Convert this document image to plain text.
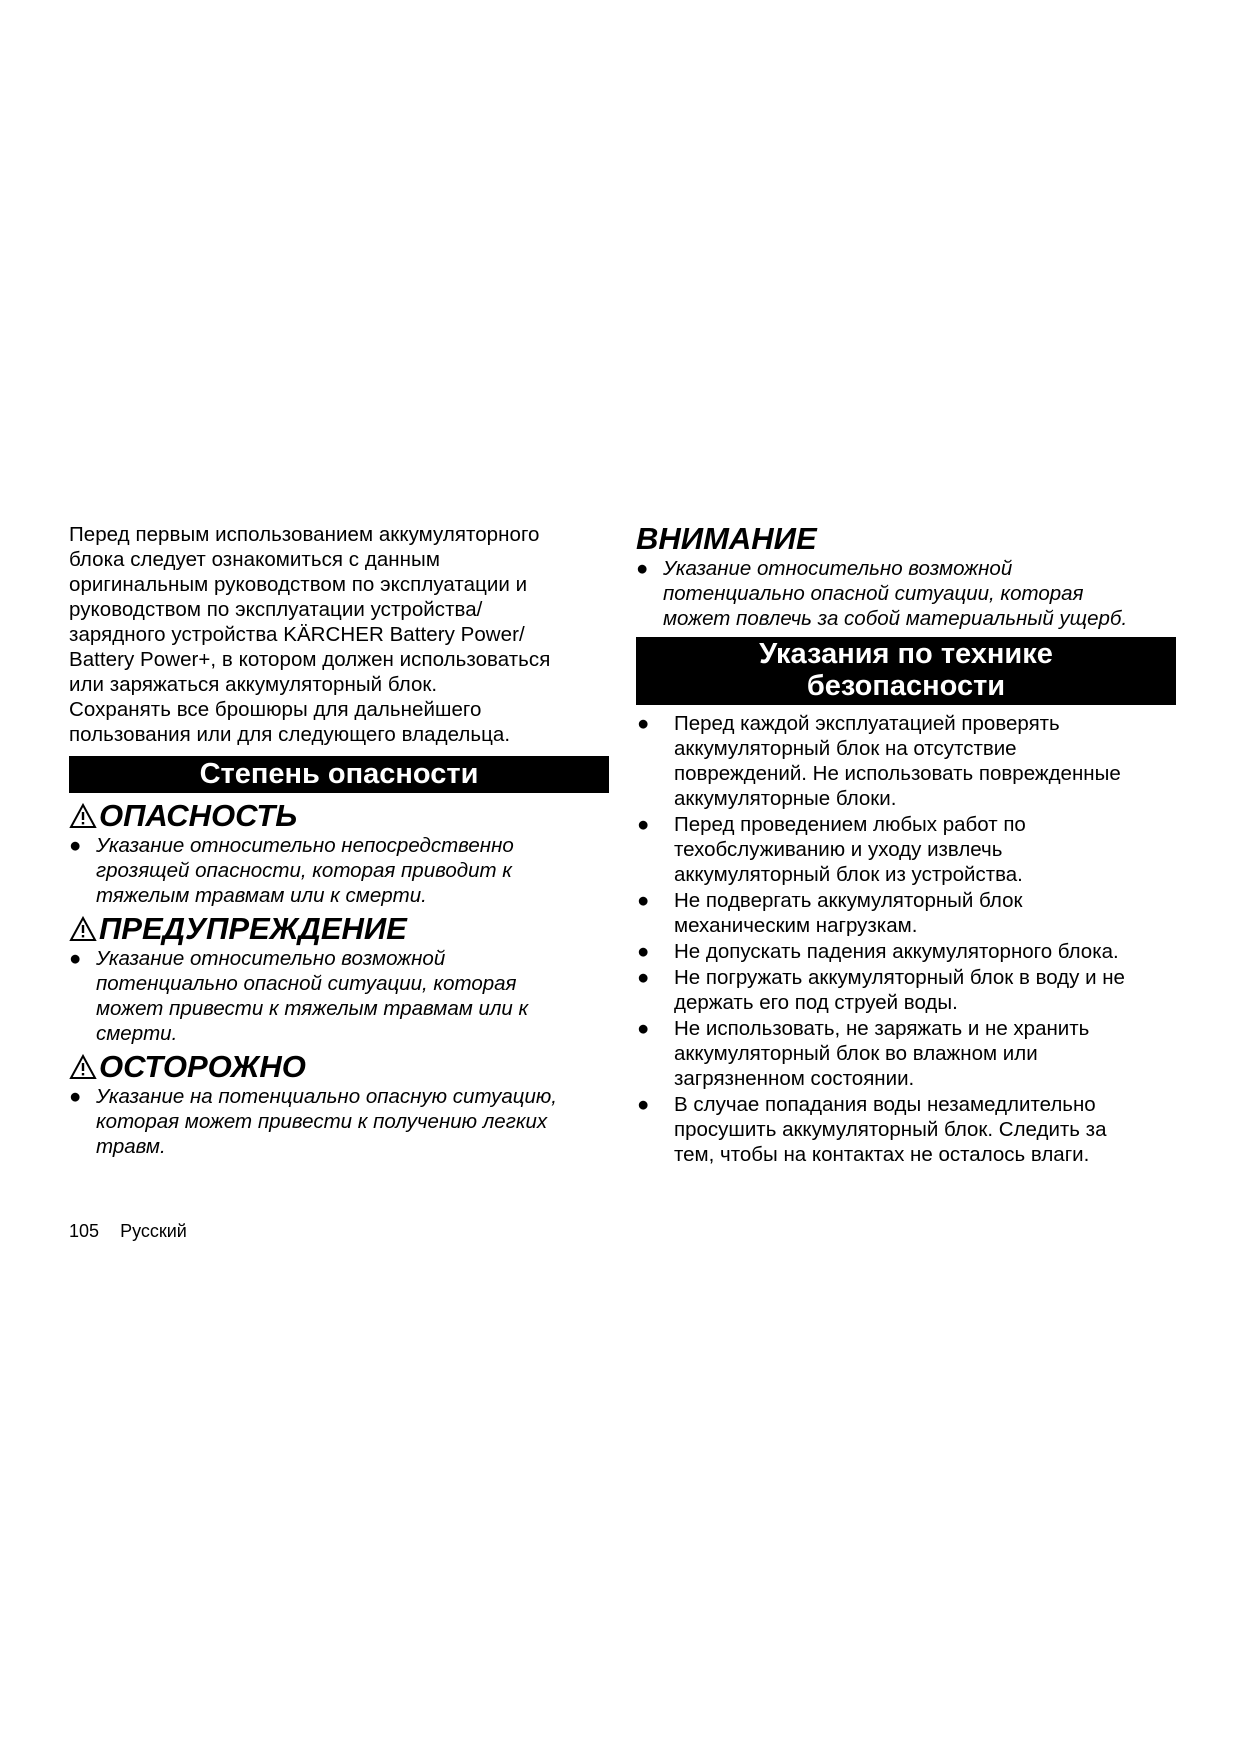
Перед первым использованием аккумуляторного
блока следует ознакомиться с данным
оригинальным руководством по эксплуатации и
руководством по эксплуатации устройства/
зарядного устройства KÄRCHER Battery Power/
Battery Power+, в котором должен использоваться
или заряжаться аккумуляторный блок.
Сохранять все брошюры для дальнейшего
пользования или для следующего владельца.

Степень опасности
ОПАСНОСТЬ

● Указание относительно непосредственно
грозящей опасности, которая приводит к
тяжелым травмам или к смерти.

ПРЕДУПРЕЖДЕНИЕ

● Указание относительно возможной
потенциально опасной ситуации, которая
может привести к тяжелым травмам или к
смерти.

ОСТОРОЖНО

● Указание на потенциально опасную ситуацию,
которая может привести к получению легких
травм.

ВНИМАНИЕ

● Указание относительно возможной
потенциально опасной ситуации, которая
может повлечь за собой материальный ущерб.

Указания по технике
безопасности
● Перед каждой эксплуатацией проверять
аккумуляторный блок на отсутствие
повреждений. Не использовать поврежденные
аккумуляторные блоки.
● Перед проведением любых работ по
техобслуживанию и уходу извлечь
аккумуляторный блок из устройства.
● Не подвергать аккумуляторный блок
механическим нагрузкам.
● Не допускать падения аккумуляторного блока.
● Не погружать аккумуляторный блок в воду и не
держать его под струей воды.
● Не использовать, не заряжать и не хранить
аккумуляторный блок во влажном или
загрязненном состоянии.
● В случае попадания воды незамедлительно
просушить аккумуляторный блок. Следить за
тем, чтобы на контактах не осталось влаги.
105 Русский
